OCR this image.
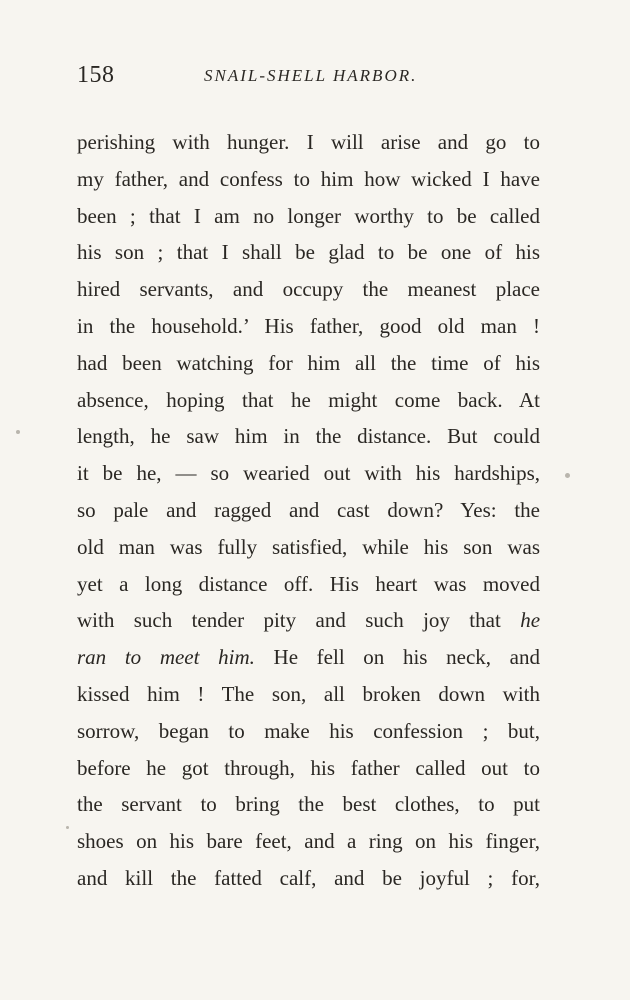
158	SNAIL-SHELL HARBOR.
perishing with hunger. I will arise and go to
my father, and confess to him how wicked I have
been ; that I am no longer worthy to be called
his son ; that I shall be glad to be one of his
hired servants, and occupy the meanest place
in the household.’ His father, good old man !
had been watching for him all the time of his
absence, hoping that he might come back. At
length, he saw him in the distance. But could
it be he, — so wearied out with his hardships,
so pale and ragged and cast down? Yes: the
old man was fully satisfied, while his son was
yet a long distance off. His heart was moved
with such tender pity and such joy that he
ran to meet him. He fell on his neck, and
kissed him ! The son, all broken down with
sorrow, began to make his confession ; but,
before he got through, his father called out to
the servant to bring the best clothes, to put
shoes on his bare feet, and a ring on his finger,
and kill the fatted calf, and be joyful ; for,
